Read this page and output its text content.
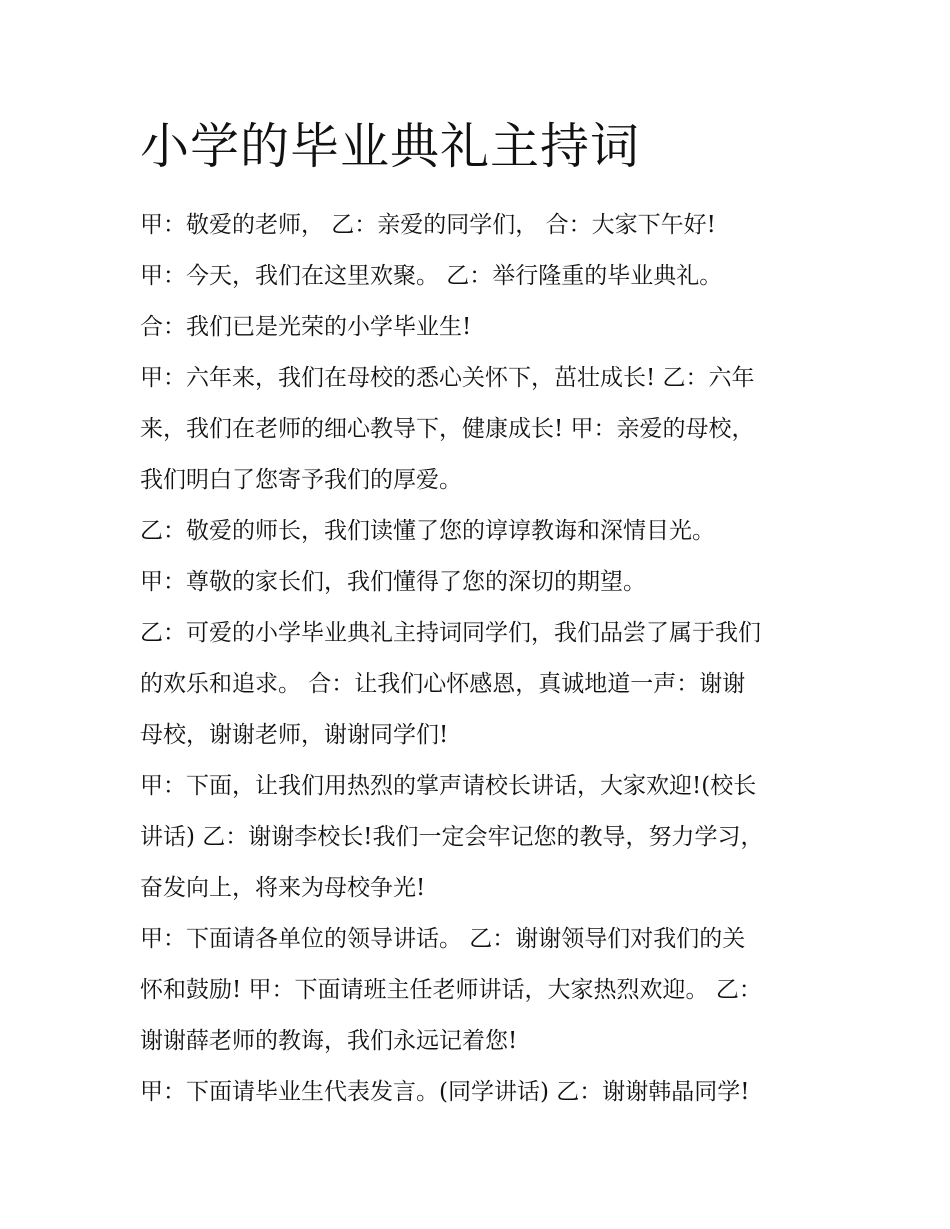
小学的毕业典礼主持词
甲：敬爱的老师， 乙：亲爱的同学们， 合：大家下午好!
甲：今天，我们在这里欢聚。 乙：举行隆重的毕业典礼。
合：我们已是光荣的小学毕业生!
甲：六年来，我们在母校的悉心关怀下，茁壮成长! 乙：六年
来，我们在老师的细心教导下，健康成长! 甲：亲爱的母校，
我们明白了您寄予我们的厚爱。
乙：敬爱的师长，我们读懂了您的谆谆教诲和深情目光。
甲：尊敬的家长们，我们懂得了您的深切的期望。
乙：可爱的小学毕业典礼主持词同学们，我们品尝了属于我们
的欢乐和追求。 合：让我们心怀感恩，真诚地道一声：谢谢
母校，谢谢老师，谢谢同学们!
甲：下面，让我们用热烈的掌声请校长讲话，大家欢迎!(校长
讲话) 乙：谢谢李校长!我们一定会牢记您的教导，努力学习，
奋发向上，将来为母校争光!
甲：下面请各单位的领导讲话。 乙：谢谢领导们对我们的关
怀和鼓励! 甲：下面请班主任老师讲话，大家热烈欢迎。 乙：
谢谢薛老师的教诲，我们永远记着您!
甲：下面请毕业生代表发言。(同学讲话) 乙：谢谢韩晶同学!
